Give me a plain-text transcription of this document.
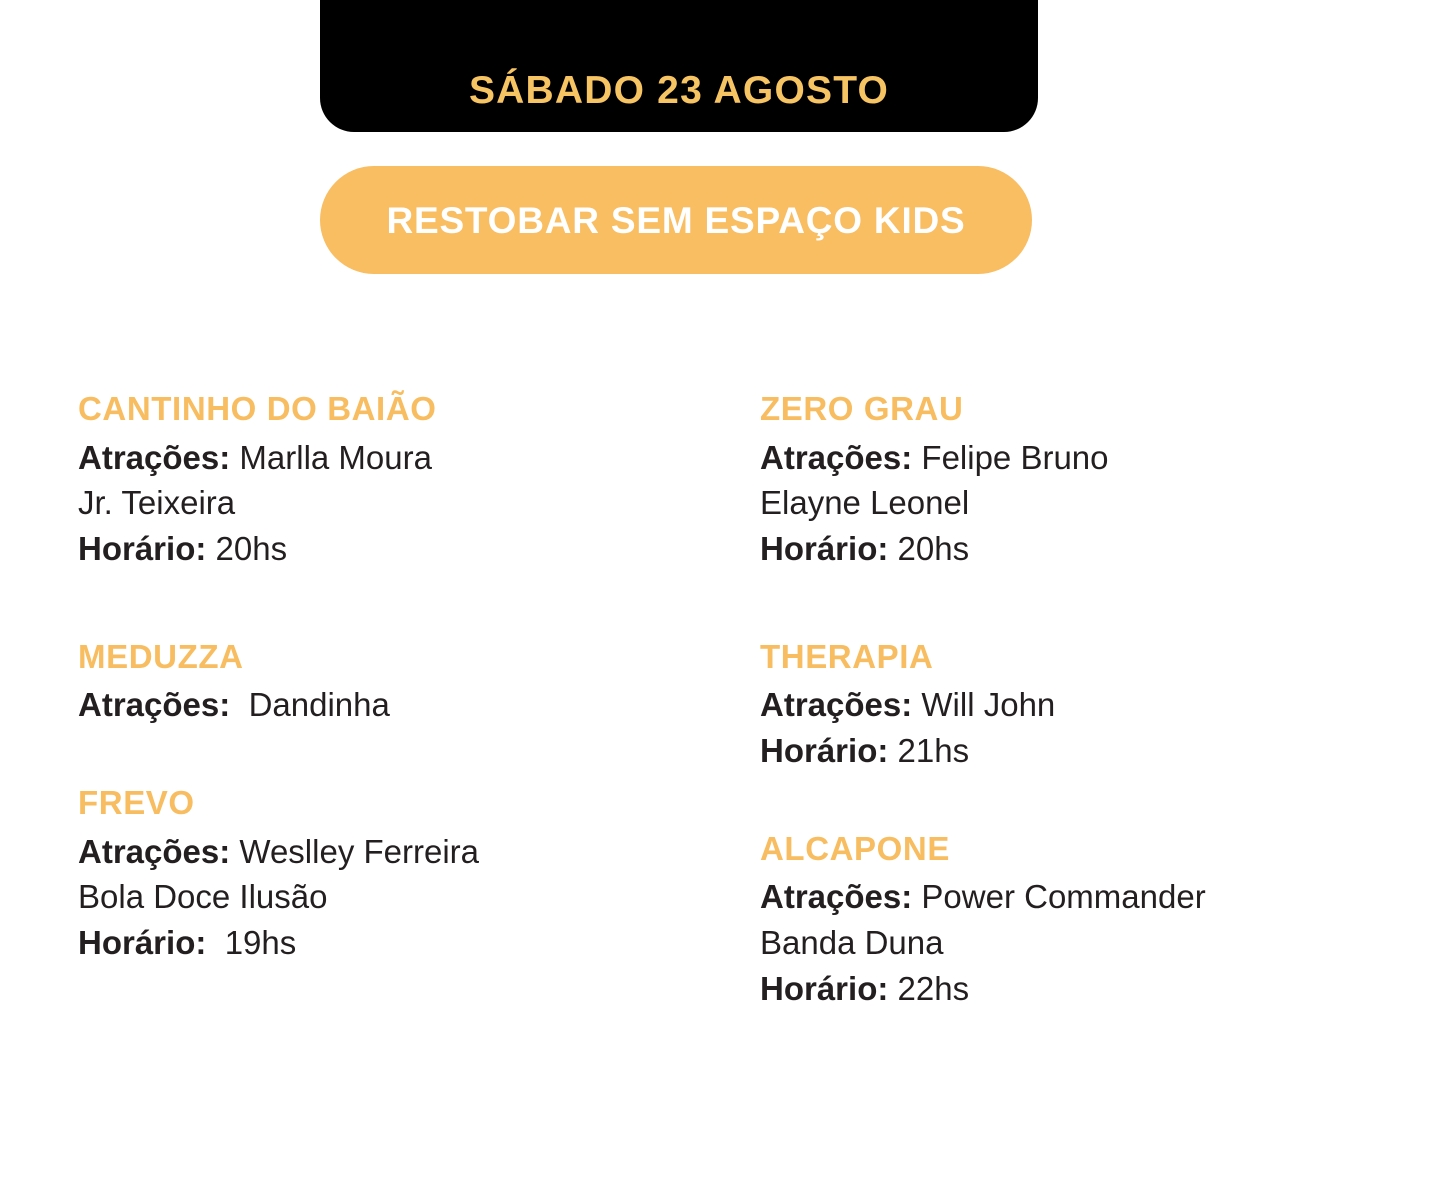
SÁBADO 23 AGOSTO
RESTOBAR SEM ESPAÇO KIDS
CANTINHO DO BAIÃO
Atrações: Marlla Moura
Jr. Teixeira
Horário: 20hs
MEDUZZA
Atrações:  Dandinha
FREVO
Atrações: Weslley Ferreira
Bola Doce Ilusão
Horário: 19hs
ZERO GRAU
Atrações: Felipe Bruno
Elayne Leonel
Horário: 20hs
THERAPIA
Atrações: Will John
Horário: 21hs
ALCAPONE
Atrações: Power Commander
Banda Duna
Horário: 22hs
